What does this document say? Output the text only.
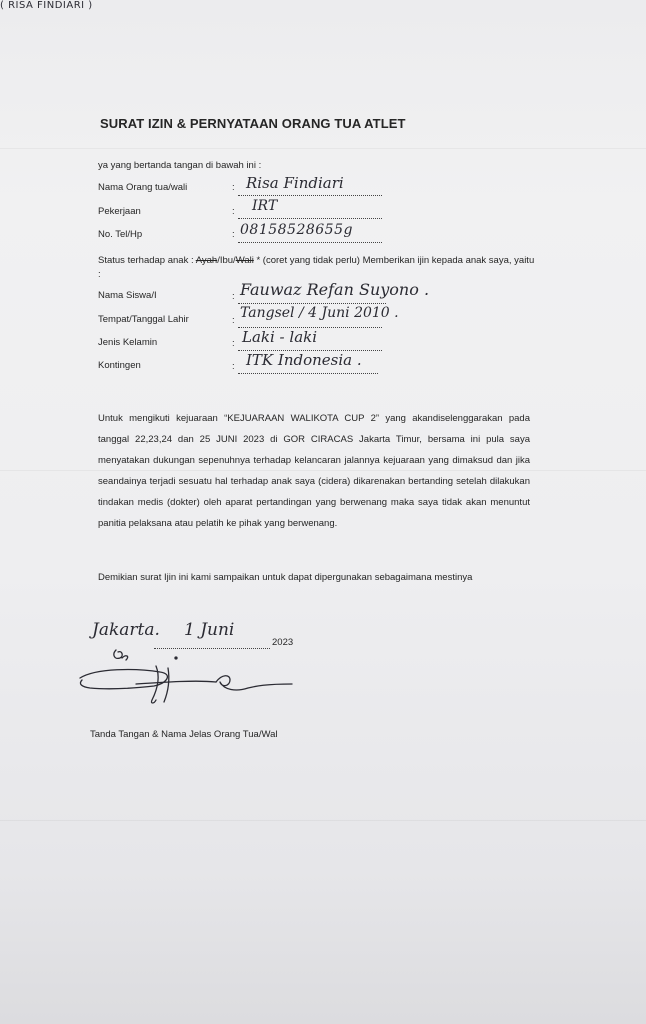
SURAT IZIN & PERNYATAAN ORANG TUA ATLET
ya yang bertanda tangan di bawah ini :
Nama Orang tua/wali	: Risa Findiari
Pekerjaan	: IRT
No. Tel/Hp	: 08158528655g
Status terhadap anak : Ayah/Ibu/Wali * (coret yang tidak perlu) Memberikan ijin kepada anak saya, yaitu :
Nama Siswa/I	: Fauwaz Refan Suyono .
Tempat/Tanggal Lahir	: Tangsel / 4 Juni 2010 .
Jenis Kelamin	: Laki - laki
Kontingen	: ITK Indonesia .
Untuk mengikuti kejuaraan “KEJUARAAN WALIKOTA CUP 2” yang akandiselenggarakan pada tanggal 22,23,24 dan 25 JUNI 2023 di GOR CIRACAS Jakarta Timur, bersama ini pula saya menyatakan dukungan sepenuhnya terhadap kelancaran jalannya kejuaraan yang dimaksud dan jika seandainya terjadi sesuatu hal terhadap anak saya (cidera) dikarenakan bertanding setelah dilakukan tindakan medis (dokter) oleh aparat pertandingan yang berwenang maka saya tidak akan menuntut panitia pelaksana atau pelatih ke pihak yang berwenang.
Demikian surat Ijin ini kami sampaikan untuk dapat dipergunakan sebagaimana mestinya
Jakarta. 1 Juni
2023
( RISA FINDIARI )
Tanda Tangan & Nama Jelas Orang Tua/Wal
